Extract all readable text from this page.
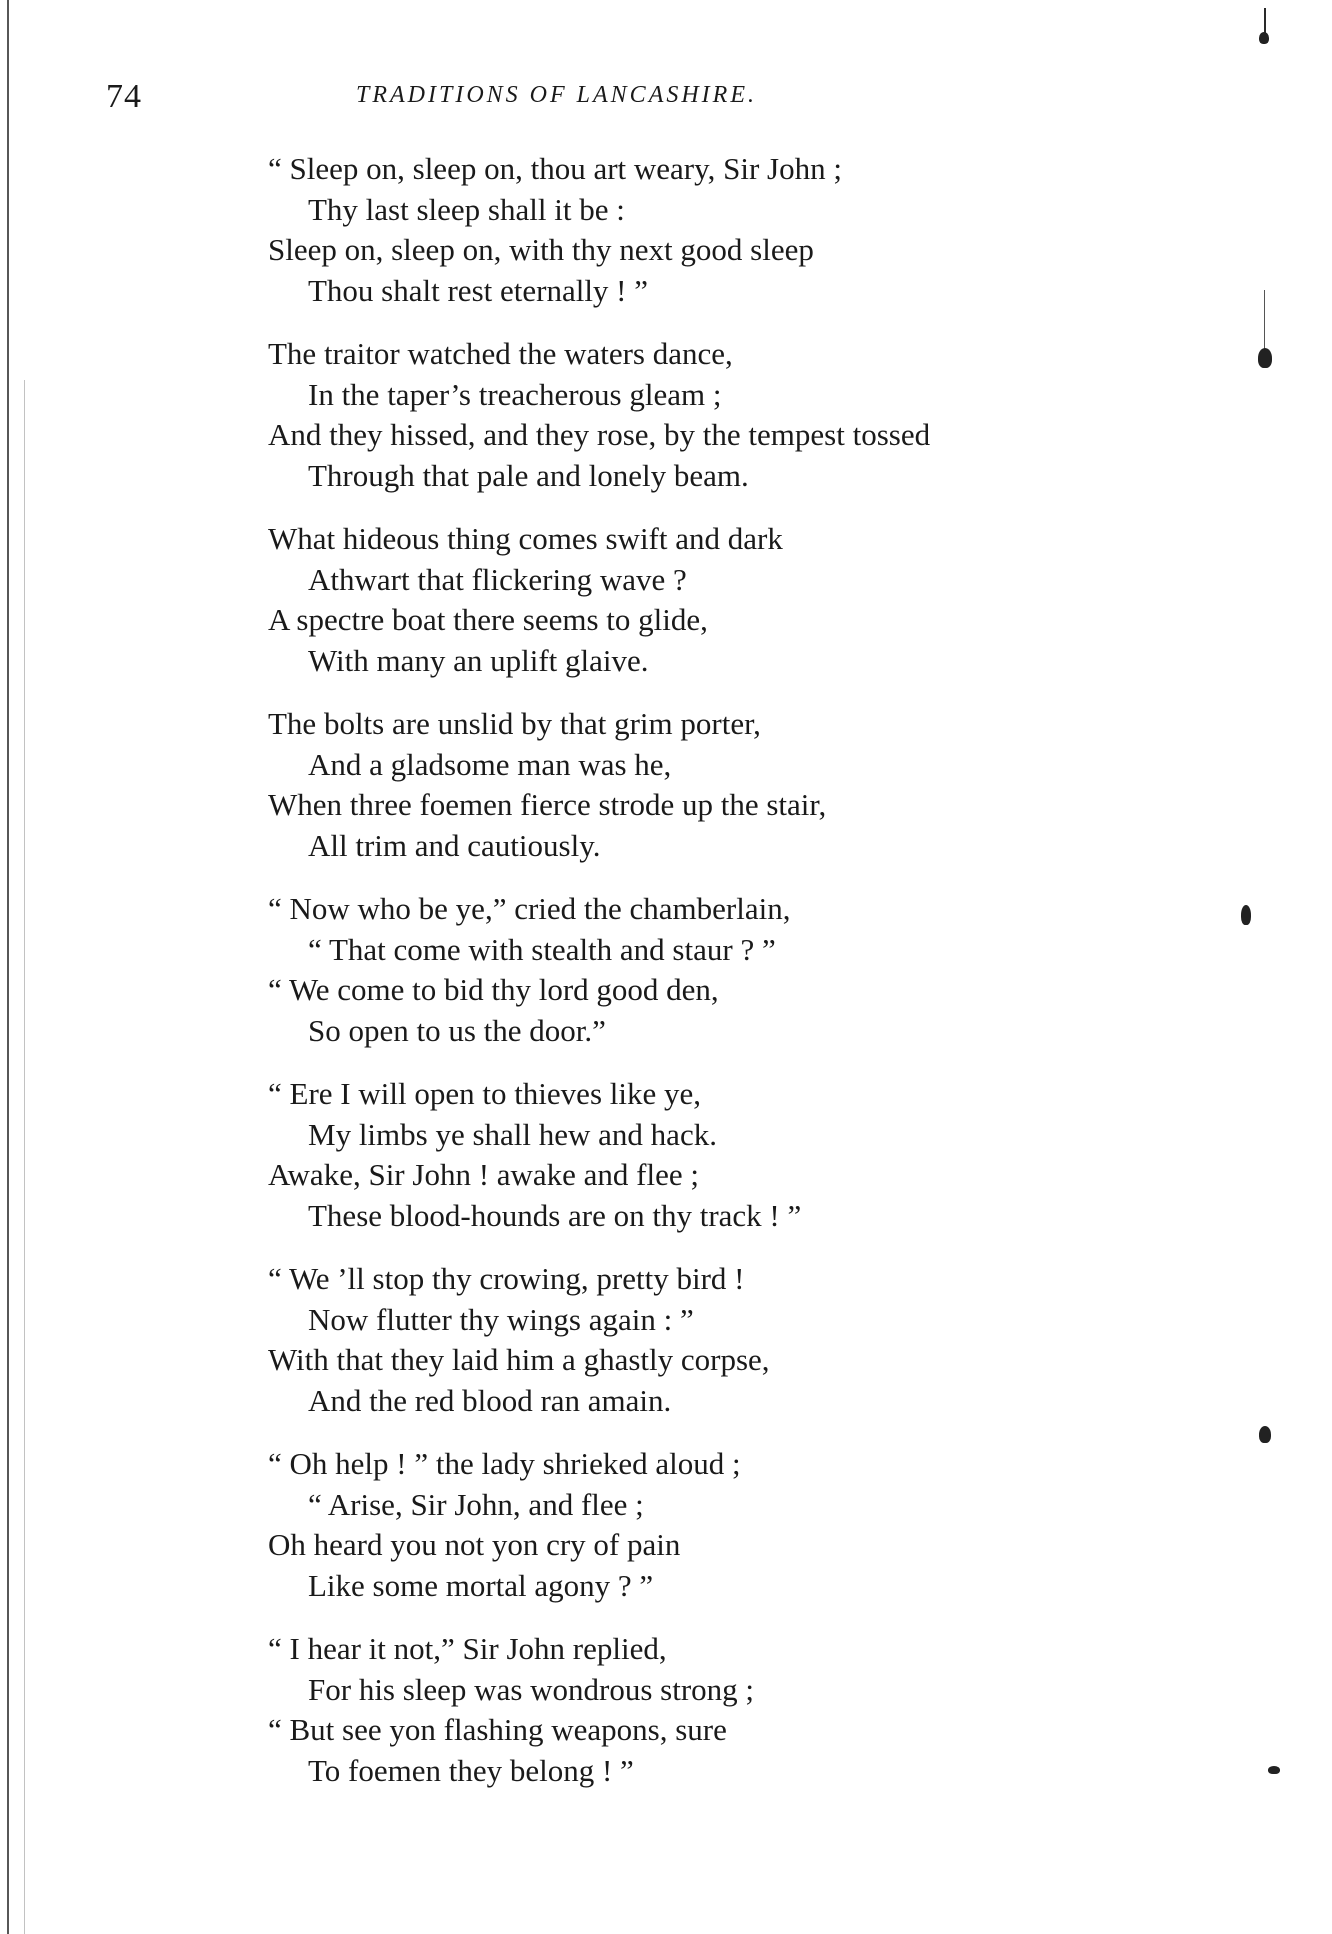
74	TRADITIONS OF LANCASHIRE.
“ Sleep on, sleep on, thou art weary, Sir John ;
Thy last sleep shall it be :
Sleep on, sleep on, with thy next good sleep
Thou shalt rest eternally ! ”
The traitor watched the waters dance,
In the taper’s treacherous gleam ;
And they hissed, and they rose, by the tempest tossed
Through that pale and lonely beam.
What hideous thing comes swift and dark
Athwart that flickering wave ?
A spectre boat there seems to glide,
With many an uplift glaive.
The bolts are unslid by that grim porter,
And a gladsome man was he,
When three foemen fierce strode up the stair,
All trim and cautiously.
“ Now who be ye,” cried the chamberlain,
“ That come with stealth and staur ? ”
“ We come to bid thy lord good den,
So open to us the door.”
“ Ere I will open to thieves like ye,
My limbs ye shall hew and hack.
Awake, Sir John ! awake and flee ;
These blood-hounds are on thy track ! ”
“ We ’ll stop thy crowing, pretty bird !
Now flutter thy wings again : ”
With that they laid him a ghastly corpse,
And the red blood ran amain.
“ Oh help ! ” the lady shrieked aloud ;
“ Arise, Sir John, and flee ;
Oh heard you not yon cry of pain
Like some mortal agony ? ”
“ I hear it not,” Sir John replied,
For his sleep was wondrous strong ;
“ But see yon flashing weapons, sure
To foemen they belong ! ”
